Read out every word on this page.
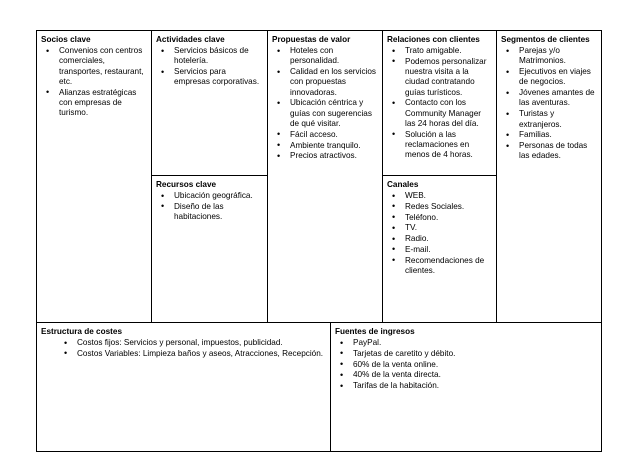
Socios clave
• Convenios con centros comerciales, transportes, restaurant, etc.
• Alianzas estratégicas con empresas de turismo.
Actividades clave
• Servicios básicos de hotelería.
• Servicios para empresas corporativas.
Recursos clave
• Ubicación geográfica.
• Diseño de las habitaciones.
Propuestas de valor
• Hoteles con personalidad.
• Calidad en los servicios con propuestas innovadoras.
• Ubicación céntrica y guías con sugerencias de qué visitar.
• Fácil acceso.
• Ambiente tranquilo.
• Precios atractivos.
Relaciones con clientes
• Trato amigable.
• Podemos personalizar nuestra visita a la ciudad contratando guías turísticos.
• Contacto con los Community Manager las 24 horas del día.
• Solución a las reclamaciones en menos de 4 horas.
Canales
• WEB.
• Redes Sociales.
• Teléfono.
• TV.
• Radio.
• E-mail.
• Recomendaciones de clientes.
Segmentos de clientes
• Parejas y/o Matrimonios.
• Ejecutivos en viajes de negocios.
• Jóvenes amantes de las aventuras.
• Turistas y extranjeros.
• Familias.
• Personas de todas las edades.
Estructura de costes
• Costos fijos: Servicios y personal, impuestos, publicidad.
• Costos Variables: Limpieza baños y aseos, Atracciones, Recepción.
Fuentes de ingresos
• PayPal.
• Tarjetas de caretito y débito.
• 60% de la venta online.
• 40% de la venta directa.
• Tarifas de la habitación.
